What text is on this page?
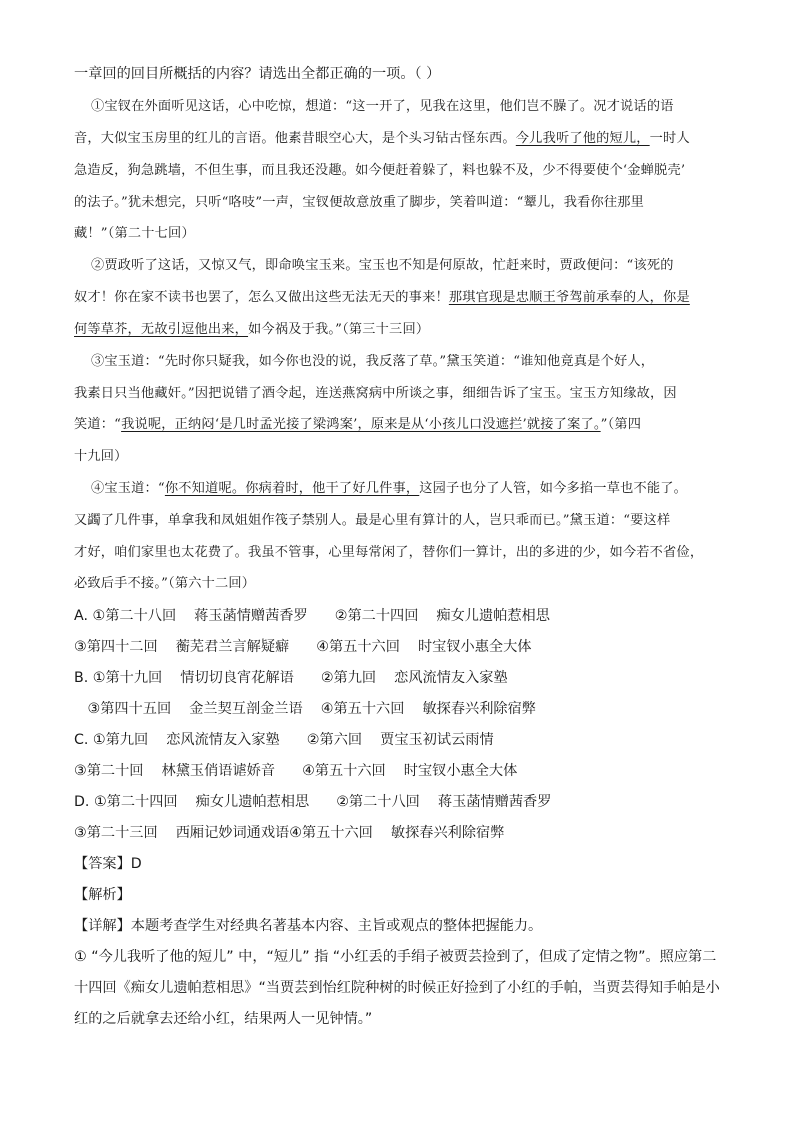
一章回的回目所概括的内容？请选出全都正确的一项。（ ）
①宝钗在外面听见这话，心中吃惊，想道：“这一开了，见我在这里，他们岂不臊了。况才说话的语
音，大似宝玉房里的红儿的言语。他素昔眼空心大，是个头习钻古怪东西。今儿我听了他的短儿，一时人
急造反，狗急跳墙，不但生事，而且我还没趣。如今便赶着躲了，料也躲不及，少不得要使个‘金蝉脱壳’
的法子。”犹未想完，只听“咯吱”一声，宝钗便故意放重了脚步，笑着叫道：“颦儿，我看你往那里
藏！”（第二十七回）
②贾政听了这话，又惊又气，即命唤宝玉来。宝玉也不知是何原故，忙赶来时，贾政便问：“该死的
奴才！你在家不读书也罢了，怎么又做出这些无法无天的事来！那琪官现是忠顺王爷驾前承奉的人，你是
何等草芥，无故引逗他出来，如今祸及于我。”（第三十三回）
③宝玉道：“先时你只疑我，如今你也没的说，我反落了草。”黛玉笑道：“谁知他竟真是个好人，
我素日只当他藏奸。”因把说错了酒令起，连送燕窝病中所谈之事，细细告诉了宝玉。宝玉方知缘故，因
笑道：“我说呢，正纳闷‘是几时孟光接了梁鸿案’，原来是从‘小孩儿口没遮拦’就接了案了。”（第四
十九回）
④宝玉道：“你不知道呢。你病着时，他干了好几件事，这园子也分了人管，如今多掐一草也不能了。
又蠲了几件事，单拿我和凤姐姐作筏子禁别人。最是心里有算计的人，岂只乖而已。”黛玉道：“要这样
才好，咱们家里也太花费了。我虽不管事，心里每常闲了，替你们一算计，出的多进的少，如今若不省俭，
必致后手不接。”（第六十二回）
A. ①第二十八回    蒋玉菡情赠茜香罗      ②第二十四回    痴女儿遗帕惹相思
③第四十二回    蘅芜君兰言解疑癖      ④第五十六回    时宝钗小惠全大体
B. ①第十九回    情切切良宵花解语      ②第九回    恋风流情友入家塾
③第四十五回    金兰契互剖金兰语    ④第五十六回    敏探春兴利除宿弊
C. ①第九回    恋风流情友入家塾      ②第六回    贾宝玉初试云雨情
③第二十回    林黛玉俏语谑娇音      ④第五十六回    时宝钗小惠全大体
D. ①第二十四回    痴女儿遗帕惹相思      ②第二十八回    蒋玉菡情赠茜香罗
③第二十三回    西厢记妙词通戏语④第五十六回    敏探春兴利除宿弊
【答案】D
【解析】
【详解】本题考查学生对经典名著基本内容、主旨或观点的整体把握能力。
① “今儿我听了他的短儿” 中，“短儿” 指 “小红丢的手绢子被贾芸捡到了，但成了定情之物”。照应第二
十四回《痴女儿遗帕惹相思》“当贾芸到怡红院种树的时候正好捡到了小红的手帕，当贾芸得知手帕是小
红的之后就拿去还给小红，结果两人一见钟情。”
